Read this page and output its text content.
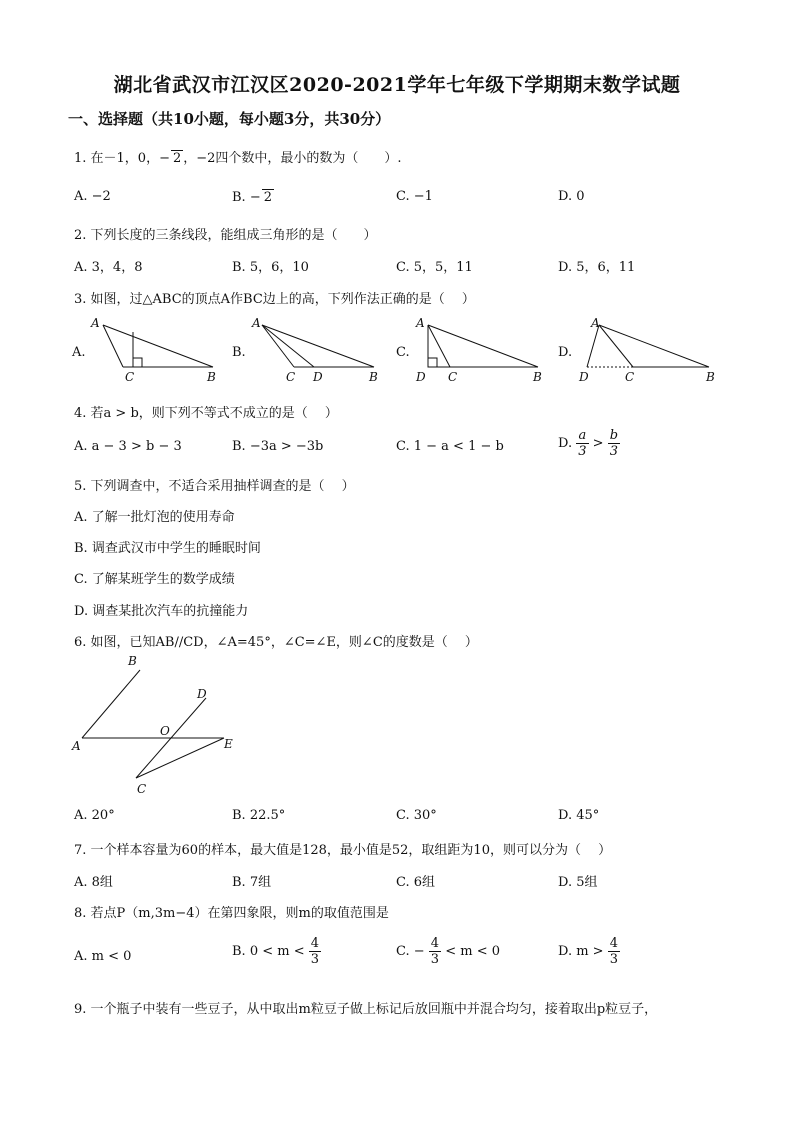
湖北省武汉市江汉区2020-2021学年七年级下学期期末数学试题
一、选择题（共10小题，每小题3分，共30分）
1. 在－1，0，− 2 ，−2四个数中，最小的数为（　　）.
A. −2	B. − 2	C. −1	D. 0
2. 下列长度的三条线段，能组成三角形的是（　　）
A. 3，4，8	B. 5，6，10	C. 5，5，11	D. 5，6，11
3. 如图，过△ABC的顶点A作BC边上的高，下列作法正确的是（　 ）
A.	B.	C.	D.
A
C	B
A
C D	B
A
D C	B
A
D	C	B
4. 若a > b，则下列不等式不成立的是（　 ）
A. a − 3 > b − 3	B. −3a > −3b	C. 1 − a < 1 − b	D. $\frac{a}{3} > \frac{b}{3}$
5. 下列调查中，不适合采用抽样调查的是（　 ）
A. 了解一批灯泡的使用寿命
B. 调查武汉市中学生的睡眠时间
C. 了解某班学生的数学成绩
D. 调查某批次汽车的抗撞能力
6. 如图，已知AB//CD，∠A=45°，∠C=∠E，则∠C的度数是（　 ）
B
D
O
A	E
C
A. 20°	B. 22.5°	C. 30°	D. 45°
7. 一个样本容量为60的样本，最大值是128，最小值是52，取组距为10，则可以分为（　 ）
A. 8组	B. 7组	C. 6组	D. 5组
8. 若点P（m,3m−4）在第四象限，则m的取值范围是
A. m < 0	B. $0 < m < \frac{4}{3}$	C. − $\frac{4}{3} < m < 0$	D. $m > \frac{4}{3}$
9. 一个瓶子中装有一些豆子，从中取出m粒豆子做上标记后放回瓶中并混合均匀，接着取出p粒豆子，
